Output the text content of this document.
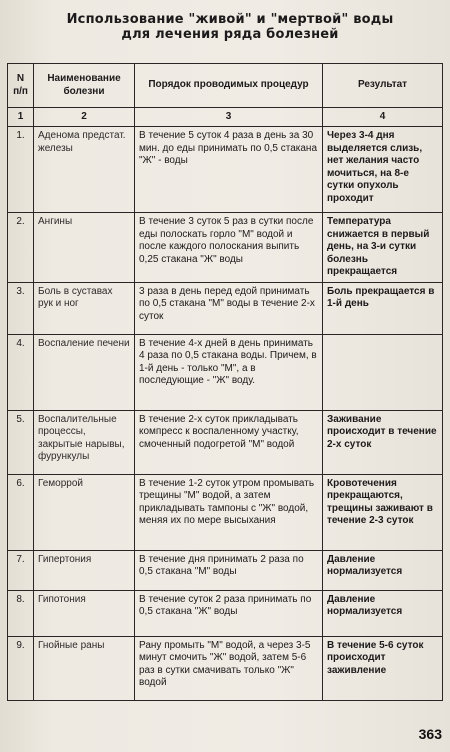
Использование "живой" и "мертвой" воды
для лечения ряда болезней
N п/п	Наименование болезни	Порядок проводимых процедур	Результат
1	2	3	4
1.	Аденома предстат. железы	В течение 5 суток 4 раза в день за 30 мин. до еды принимать по 0,5 стакана "Ж" - воды	Через 3-4 дня выделяется слизь, нет желания часто мочиться, на 8-е сутки опухоль проходит
2.	Ангины	В течение 3 суток 5 раз в сутки после еды полоскать горло "М" водой и после каждого полоскания выпить 0,25 стакана "Ж" воды	Температура снижается в первый день, на 3-и сутки болезнь прекращается
3.	Боль в суставах рук и ног	3 раза в день перед едой принимать по 0,5 стакана "М" воды в течение 2-х суток	Боль прекращается в 1-й день
4.	Воспаление печени	В течение 4-х дней в день принимать 4 раза по 0,5 стакана воды. Причем, в 1-й день - только "М", а в последующие - "Ж" воду.	
5.	Воспалительные процессы, закрытые нарывы, фурункулы	В течение 2-х суток прикладывать компресс к воспаленному участку, смоченный подогретой "М" водой	Заживание происходит в течение 2-х суток
6.	Геморрой	В течение 1-2 суток утром промывать трещины "М" водой, а затем прикладывать тампоны с "Ж" водой, меняя их по мере высыхания	Кровотечения прекращаются, трещины заживают в течение 2-3 суток
7.	Гипертония	В течение дня принимать 2 раза по 0,5 стакана "М" воды	Давление нормализуется
8.	Гипотония	В течение суток 2 раза принимать по 0,5 стакана "Ж" воды	Давление нормализуется
9.	Гнойные раны	Рану промыть "М" водой, а через 3-5 минут смочить "Ж" водой, затем 5-6 раз в сутки смачивать только "Ж" водой	В течение 5-6 суток происходит заживление
363
